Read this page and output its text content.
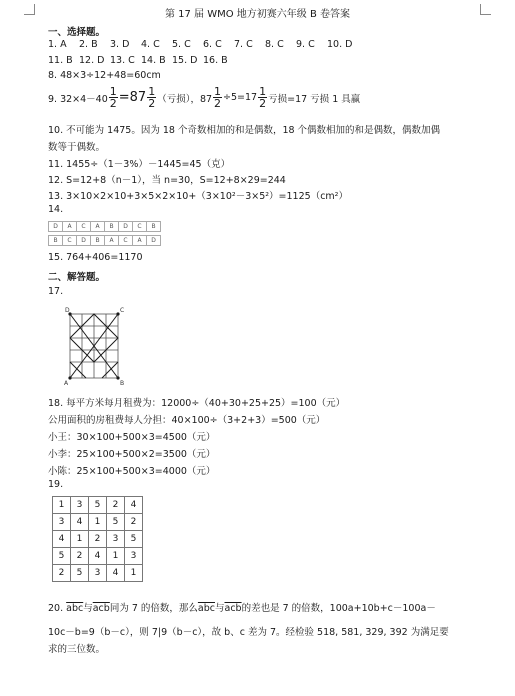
第 17 届 WMO 地方初赛六年级 B 卷答案
一、选择题。
1. A 2. B 3. D 4. C 5. C 6. C 7. C 8. C 9. C 10. D
11. B 12. D 13. C 14. B 15. D 16. B
8. 48×3÷12+48=60cm
9. $32\times 4-40 \frac{1}{2} =87 \frac{1}{2}$ （亏损），$87 \frac{1}{2} \div 5=17 \frac{1}{2}$ 亏损=17 亏损 1 具赢
10. 不可能为 1475。因为 18 个奇数相加的和是偶数，18 个偶数相加的和是偶数，偶数加偶
数等于偶数。
11. 1455÷（1－3%）－1445=45（克）
12. S=12+8（n－1），当 n=30，S=12+8×29=244
13. 3×10×2×10+3×5×2×10+（3×10²－3×5²）=1125（cm²）
14.
D	A	C	A	B	D	C	B
B	C	D	B	A	C	A	D
15. 764+406=1170
二、解答题。
17.
D	C
A	B
18. 每平方米每月租费为：12000÷（40+30+25+25）=100（元）
公用面积的房租费每人分担：40×100÷（3+2+3）=500（元）
小王：30×100+500×3=4500（元）
小李：25×100+500×2=3500（元）
小陈：25×100+500×3=4000（元）
19.
1	3	5	2	4
3	4	1	5	2
4	1	2	3	5
5	2	4	1	3
2	5	3	4	1
20. $\overline{abc}$与$\overline{acb}$同为 7 的倍数，那么$\overline{abc}$与$\overline{acb}$的差也是 7 的倍数，100a+10b+c－100a－
10c－b=9（b－c），则 7|9（b－c），故 b、c 差为 7。经检验 518, 581, 329, 392 为满足要
求的三位数。
